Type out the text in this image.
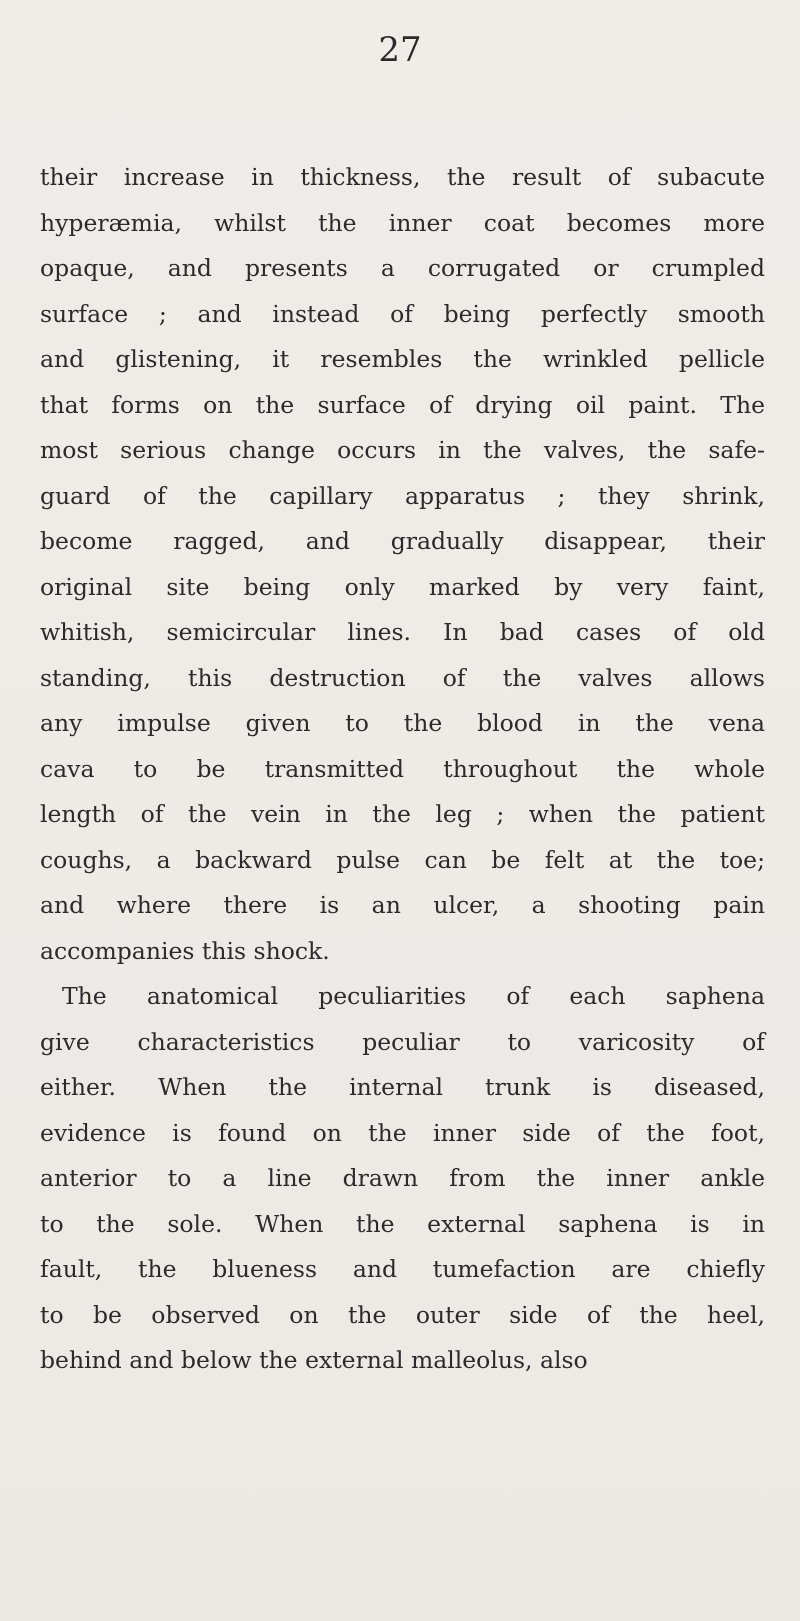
27
their increase in thickness, the result of subacute
hyperæmia, whilst the inner coat becomes more
opaque, and presents a corrugated or crumpled
surface ; and instead of being perfectly smooth
and glistening, it resembles the wrinkled pellicle
that forms on the surface of drying oil paint. The
most serious change occurs in the valves, the safe-
guard of the capillary apparatus ; they shrink,
become ragged, and gradually disappear, their
original site being only marked by very faint,
whitish, semicircular lines. In bad cases of old
standing, this destruction of the valves allows
any impulse given to the blood in the vena
cava to be transmitted throughout the whole
length of the vein in the leg ; when the patient
coughs, a backward pulse can be felt at the toe;
and where there is an ulcer, a shooting pain
accompanies this shock.
The anatomical peculiarities of each saphena
give characteristics peculiar to varicosity of
either. When the internal trunk is diseased,
evidence is found on the inner side of the foot,
anterior to a line drawn from the inner ankle
to the sole. When the external saphena is in
fault, the blueness and tumefaction are chiefly
to be observed on the outer side of the heel,
behind and below the external malleolus, also
